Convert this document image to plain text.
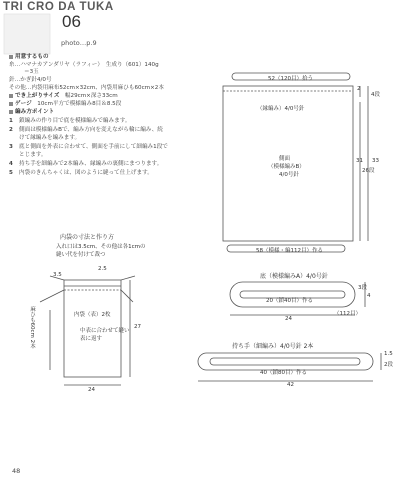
TRI CRO DA TUKA
06
photo…p.9
用意するもの
糸…ハマナカアンダリヤ（ラフィー）　生成り（601）140g
＝3玉
針…かぎ針4/0号
その他…内袋用麻布52cm×32cm、内袋用麻ひも60cm×2本
でき上がりサイズ　 幅29cm×深さ33cm
ゲージ　 10cm平方で模様編み8目＆8.5段
編み方ポイント
1 鎖編みの作り目で底を模様編みで編みます。
2 側面は模様編みBで、編み方向を変えながら輪に編み、続
けて縁編みを編みます。
3 底と側面を外表に合わせて、側面を手前にして細編み1段で
とじます。
4 持ち手を細編みで2本編み、縁編みの裏側にまつります。
5 内袋のきんちゃくは、図のように縫って仕上げます。
52（120目）拾う
（縁編み）4/0号針
側面
（模様編みB）
4/0号針
58（模様・編112目）作る
2
4段
31
26段
33
底（模様編みA）4/0号針
20（鎖40目）作る
（112目）
24
4
3段
持ち手（細編み）4/0号針 2本
40（鎖80目）作る
42
1.5
2段
内袋の寸法と作り方
入れ口は3.5cm、その他は各1cmの
縫い代を付けて裁つ
2.5
3.5
内袋（表）2枚
中表に合わせて縫い
表に返す
麻ひも60cm 2本	27
24
48
